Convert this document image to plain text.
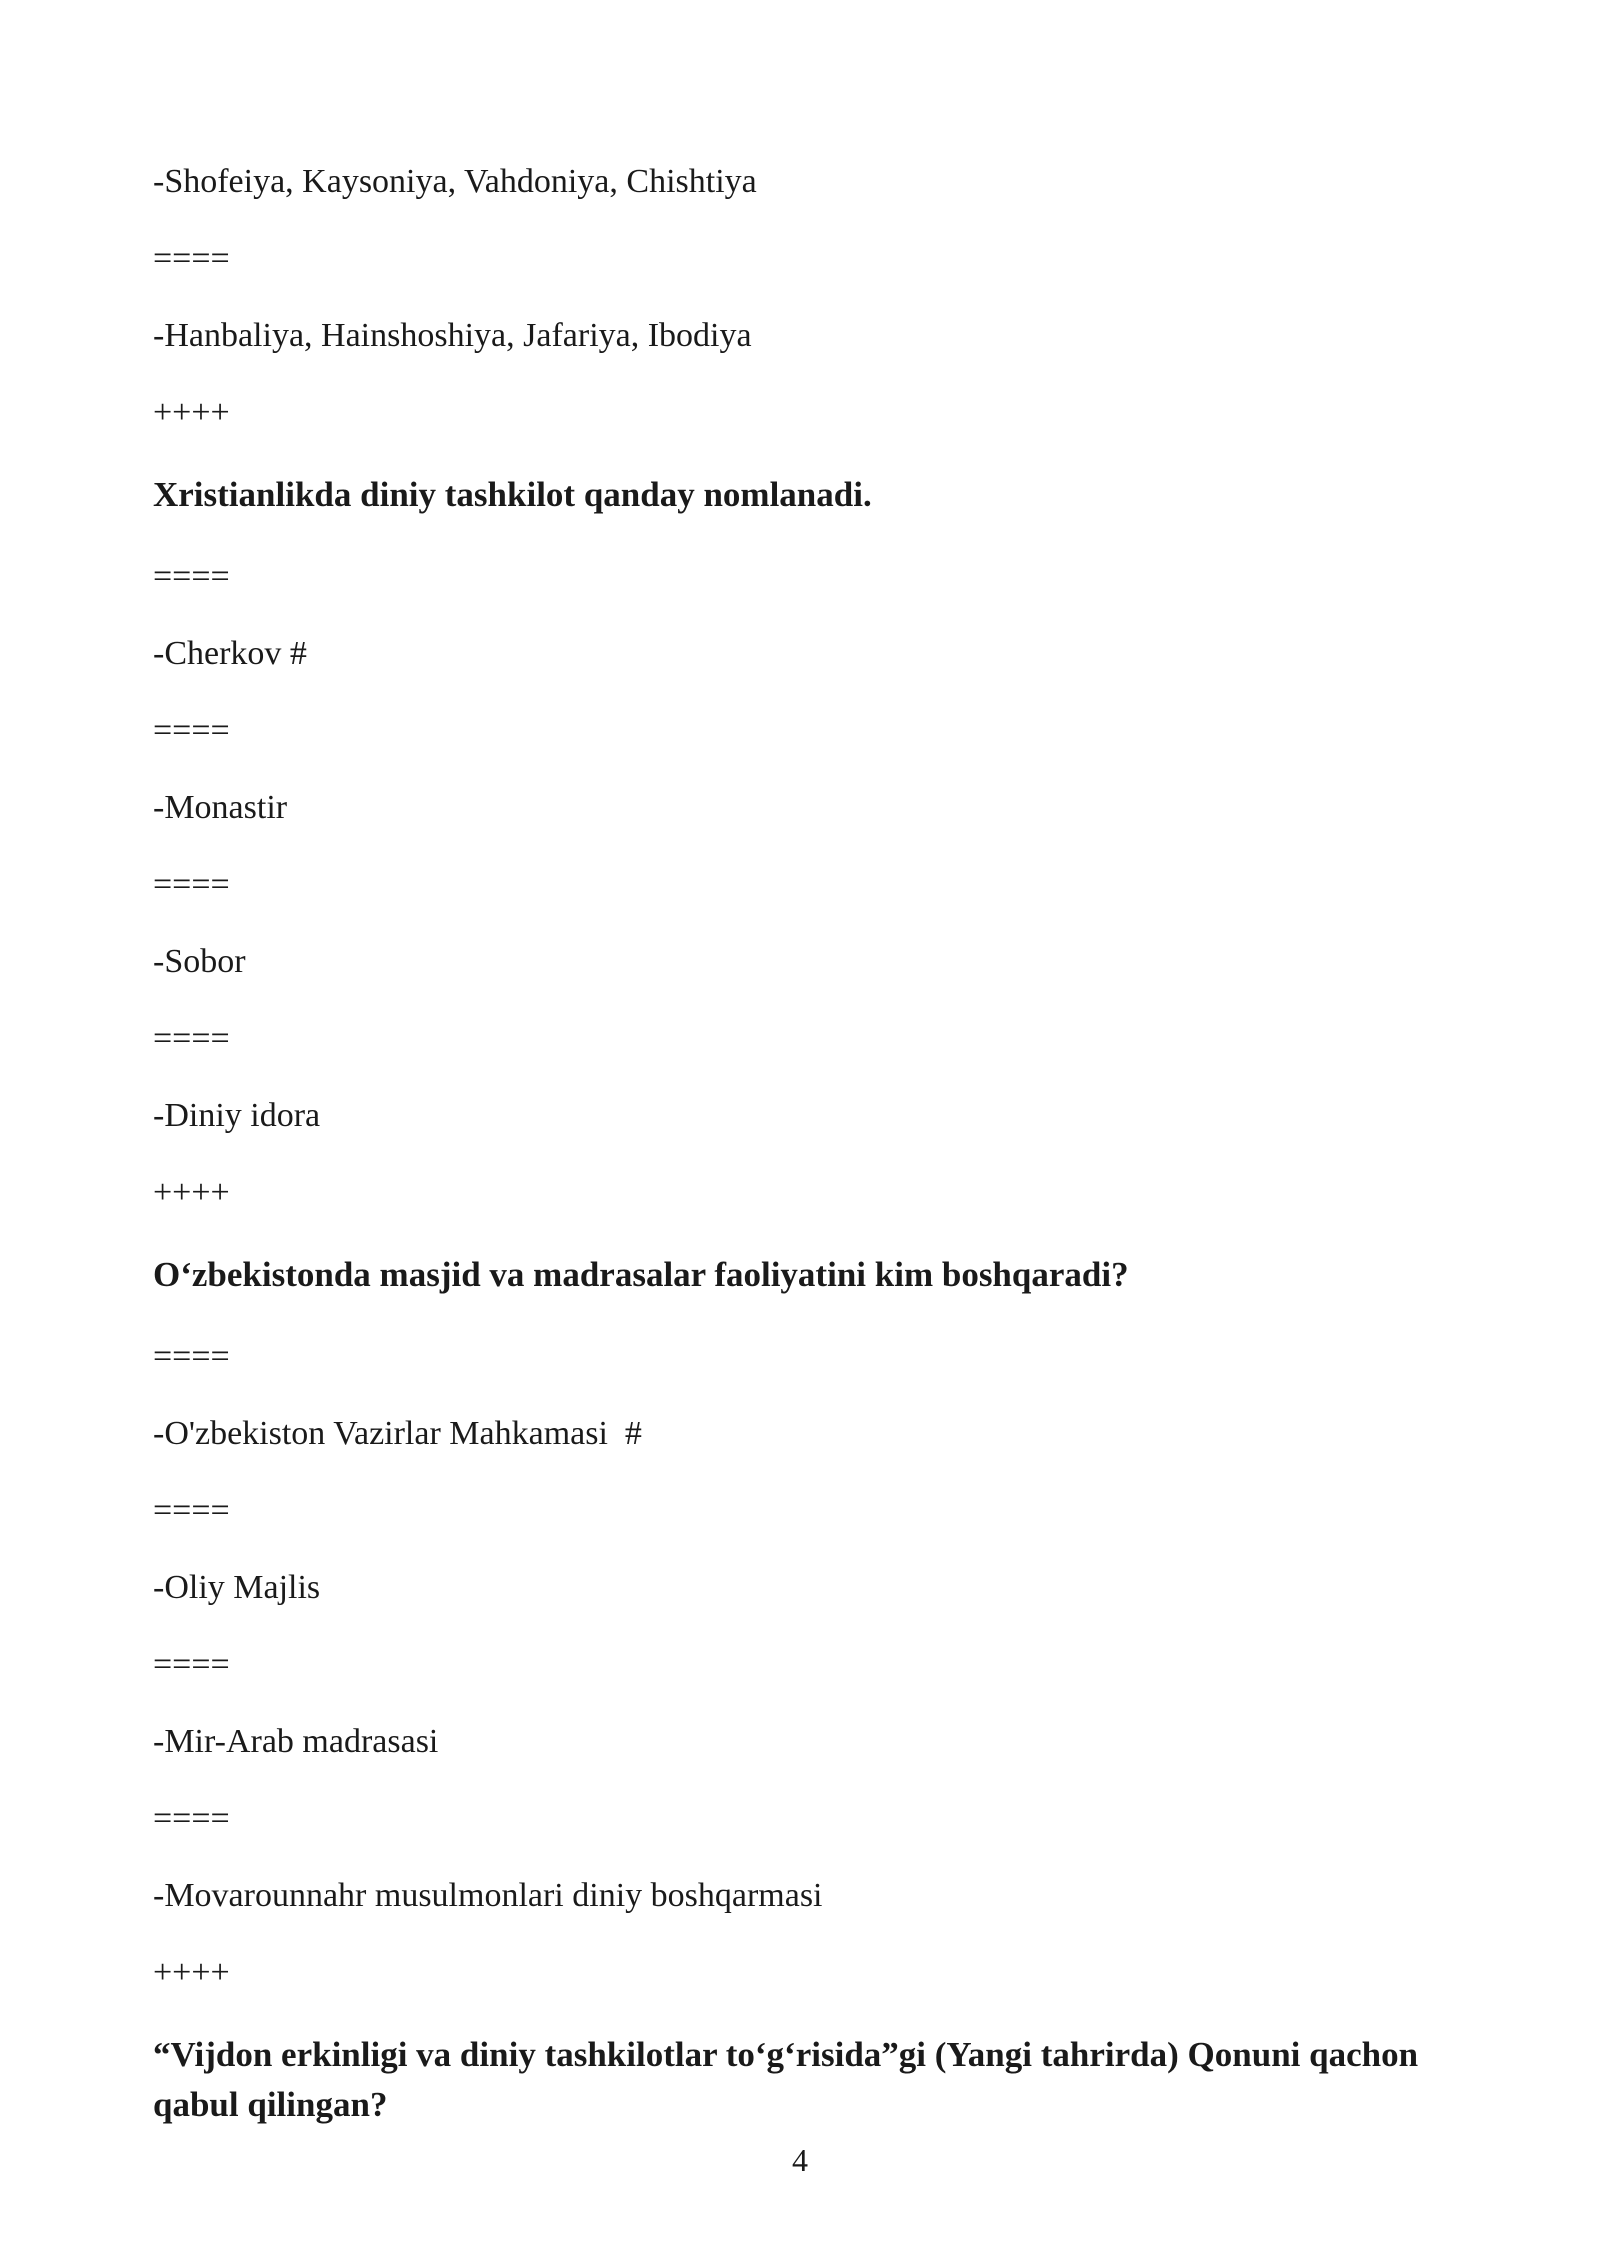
-Shofeiya, Kaysoniya, Vahdoniya, Chishtiya

====

-Hanbaliya, Hainshoshiya, Jafariya, Ibodiya

++++

Xristianlikda diniy tashkilot qanday nomlanadi.

====

-Cherkov #

====

-Monastir

====

-Sobor

====

-Diniy idora

++++

O‘zbekistonda masjid va madrasalar faoliyatini kim boshqaradi?

====

-O'zbekiston Vazirlar Mahkamasi  #

====

-Oliy Majlis

====

-Mir-Arab madrasasi

====

-Movarounnahr musulmonlari diniy boshqarmasi

++++

“Vijdon erkinligi va diniy tashkilotlar to‘g‘risida”gi (Yangi tahrirda) Qonuni qachon qabul qilingan?

4
